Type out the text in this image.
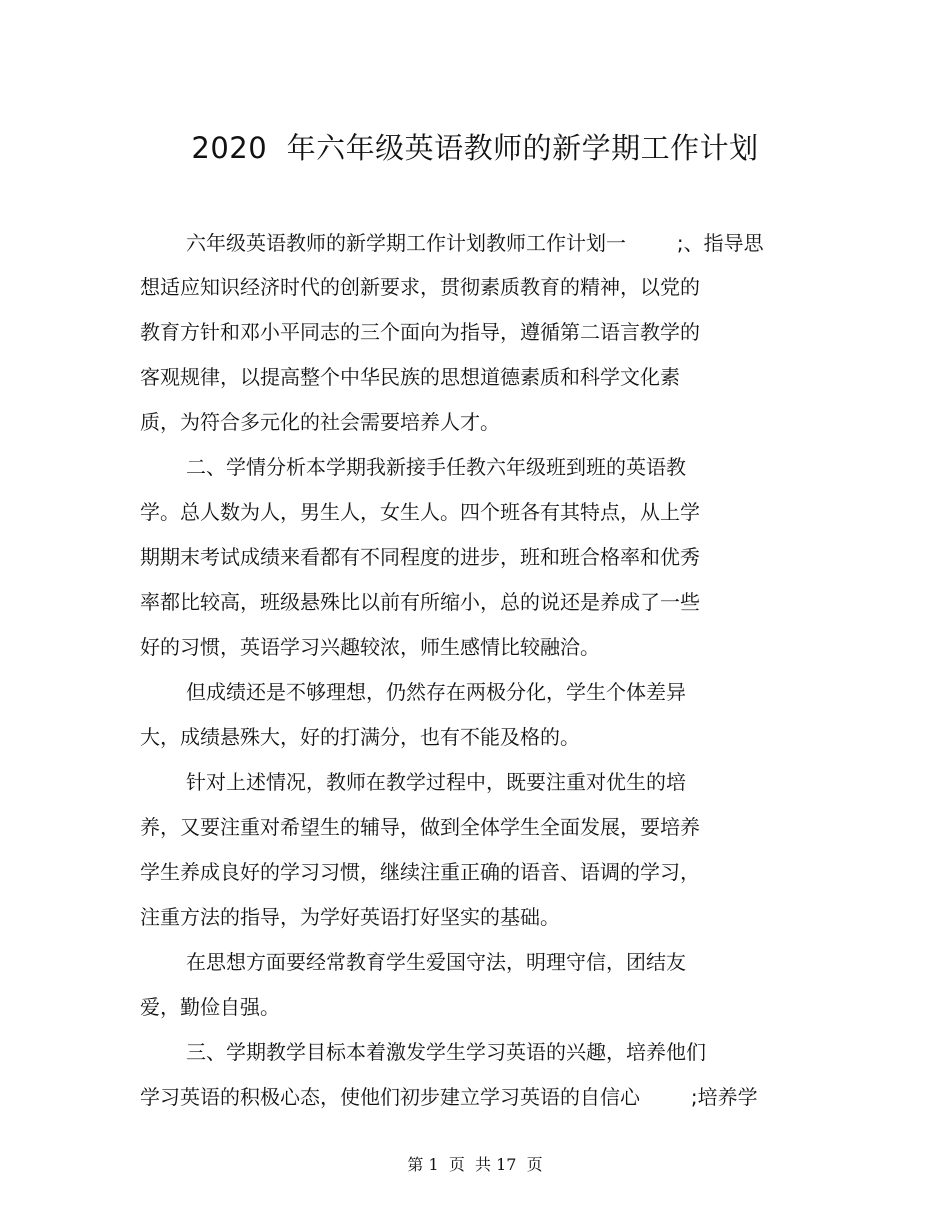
2020  年六年级英语教师的新学期工作计划
六年级英语教师的新学期工作计划教师工作计划一        ;、指导思
想适应知识经济时代的创新要求，贯彻素质教育的精神，以党的
教育方针和邓小平同志的三个面向为指导，遵循第二语言教学的
客观规律，以提高整个中华民族的思想道德素质和科学文化素
质，为符合多元化的社会需要培养人才。
二、学情分析本学期我新接手任教六年级班到班的英语教
学。总人数为人，男生人，女生人。四个班各有其特点，从上学
期期末考试成绩来看都有不同程度的进步，班和班合格率和优秀
率都比较高，班级悬殊比以前有所缩小，总的说还是养成了一些
好的习惯，英语学习兴趣较浓，师生感情比较融洽。
但成绩还是不够理想，仍然存在两极分化，学生个体差异
大，成绩悬殊大，好的打满分，也有不能及格的。
针对上述情况，教师在教学过程中，既要注重对优生的培
养，又要注重对希望生的辅导，做到全体学生全面发展，要培养
学生养成良好的学习习惯，继续注重正确的语音、语调的学习，
注重方法的指导，为学好英语打好坚实的基础。
在思想方面要经常教育学生爱国守法，明理守信，团结友
爱，勤俭自强。
三、学期教学目标本着激发学生学习英语的兴趣，培养他们
学习英语的积极心态，使他们初步建立学习英语的自信心        ;培养学
第 1  页  共 17  页
